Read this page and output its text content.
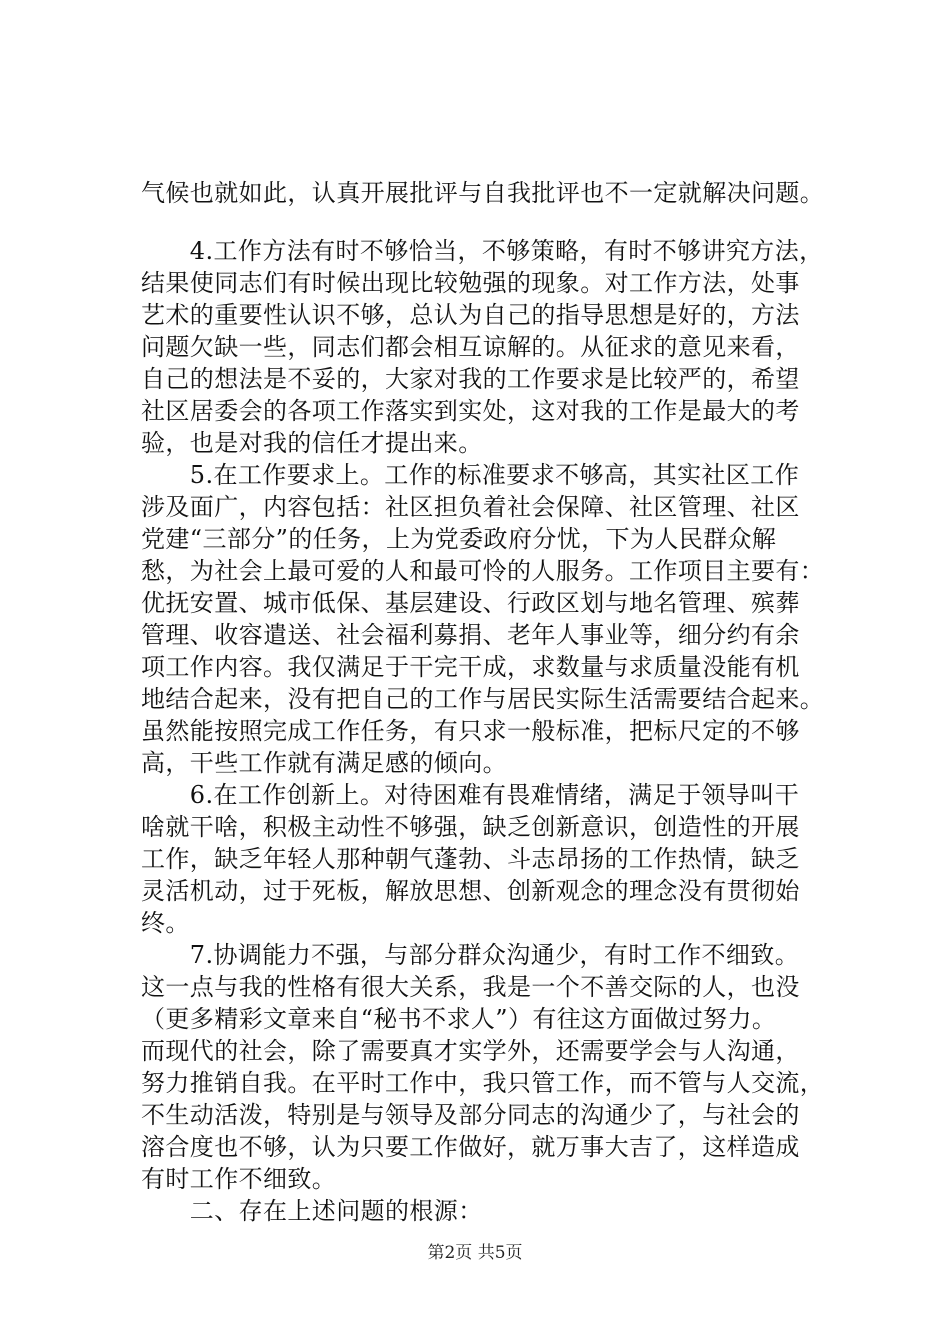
气候也就如此，认真开展批评与自我批评也不一定就解决问题。
　　4.工作方法有时不够恰当，不够策略，有时不够讲究方法，
结果使同志们有时候出现比较勉强的现象。对工作方法，处事
艺术的重要性认识不够，总认为自己的指导思想是好的，方法
问题欠缺一些，同志们都会相互谅解的。从征求的意见来看，
自己的想法是不妥的，大家对我的工作要求是比较严的，希望
社区居委会的各项工作落实到实处，这对我的工作是最大的考
验，也是对我的信任才提出来。
　　5.在工作要求上。工作的标准要求不够高，其实社区工作
涉及面广，内容包括：社区担负着社会保障、社区管理、社区
党建“三部分”的任务，上为党委政府分忧，下为人民群众解
愁，为社会上最可爱的人和最可怜的人服务。工作项目主要有：
优抚安置、城市低保、基层建设、行政区划与地名管理、殡葬
管理、收容遣送、社会福利募捐、老年人事业等，细分约有余
项工作内容。我仅满足于干完干成，求数量与求质量没能有机
地结合起来，没有把自己的工作与居民实际生活需要结合起来。
虽然能按照完成工作任务，有只求一般标准，把标尺定的不够
高，干些工作就有满足感的倾向。
　　6.在工作创新上。对待困难有畏难情绪，满足于领导叫干
啥就干啥，积极主动性不够强，缺乏创新意识，创造性的开展
工作，缺乏年轻人那种朝气蓬勃、斗志昂扬的工作热情，缺乏
灵活机动，过于死板，解放思想、创新观念的理念没有贯彻始
终。
　　7.协调能力不强，与部分群众沟通少，有时工作不细致。
这一点与我的性格有很大关系，我是一个不善交际的人，也没
（更多精彩文章来自“秘书不求人”）有往这方面做过努力。
而现代的社会，除了需要真才实学外，还需要学会与人沟通，
努力推销自我。在平时工作中，我只管工作，而不管与人交流，
不生动活泼，特别是与领导及部分同志的沟通少了，与社会的
溶合度也不够，认为只要工作做好，就万事大吉了，这样造成
有时工作不细致。
　　二、存在上述问题的根源：
第2页 共5页
